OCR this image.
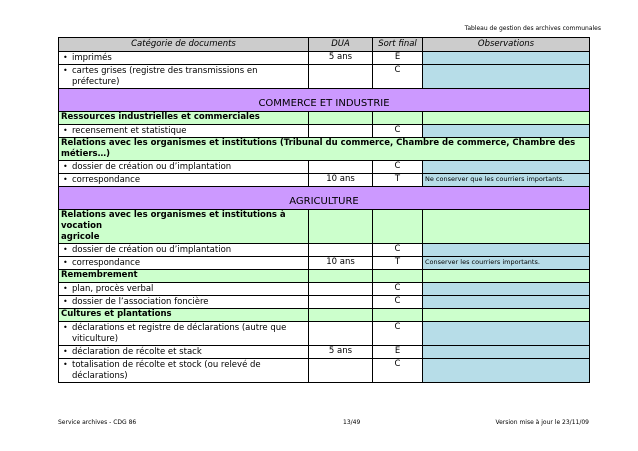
Tableau de gestion des archives communales
Catégorie de documents	DUA	Sort final	Observations
• imprimés	5 ans	E	
• cartes grises (registre des transmissions en
préfecture)		C	
COMMERCE ET INDUSTRIE			
Ressources industrielles et commerciales			
• recensement et statistique		C	
Relations avec les organismes et institutions (Tribunal du commerce, Chambre de commerce, Chambre des métiers…)			
• dossier de création ou d’implantation		C	
• correspondance	10 ans	T	Ne conserver que les courriers importants.
AGRICULTURE			
Relations avec les organismes et institutions à vocation
agricole			
• dossier de création ou d’implantation		C	
• correspondance	10 ans	T	Conserver les courriers importants.
Remembrement			
• plan, procès verbal		C	
• dossier de l’association foncière		C	
Cultures et plantations			
• déclarations et registre de déclarations (autre que
viticulture)		C	
• déclaration de récolte et stack	5 ans	E	
• totalisation de récolte et stock (ou relevé de
déclarations)		C	
Service archives - CDG 86	13/49	Version mise à jour le 23/11/09
